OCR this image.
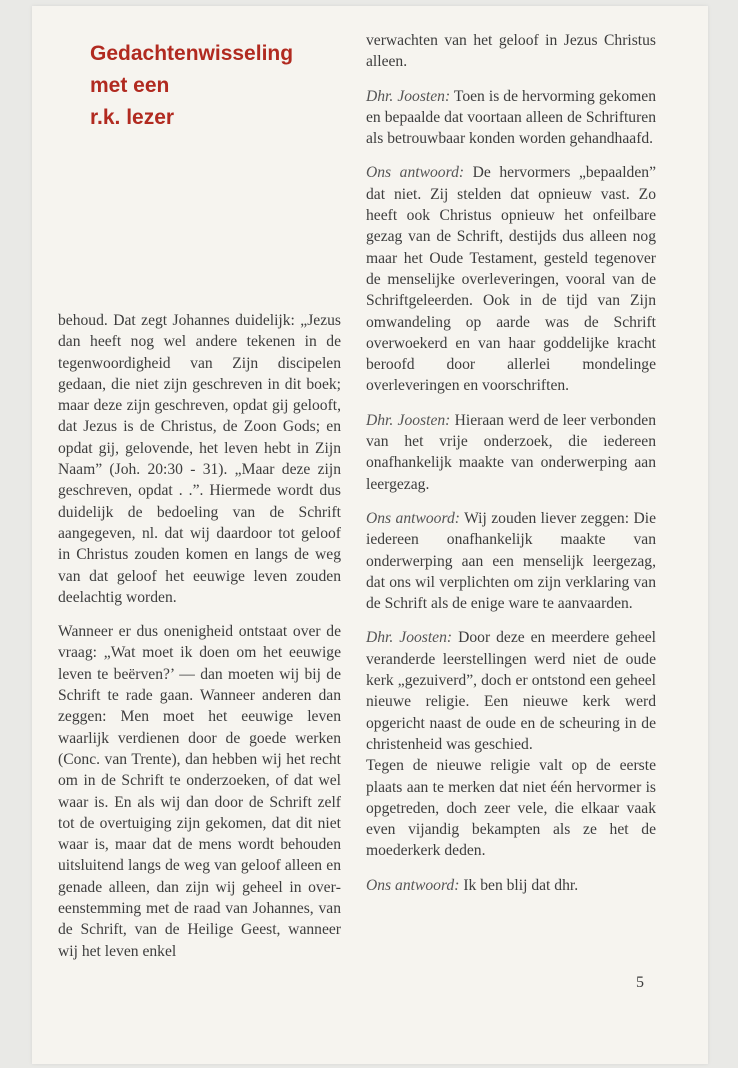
Gedachtenwisseling
met een
r.k. lezer

behoud. Dat zegt Johannes duidelijk: „Jezus dan heeft nog wel andere tekenen in de tegenwoordigheid van Zijn discipelen gedaan, die niet zijn geschreven in dit boek; maar deze zijn geschreven, opdat gij gelooft, dat Jezus is de Christus, de Zoon Gods; en opdat gij, gelovende, het leven hebt in Zijn Naam” (Joh. 20:30 - 31). „Maar deze zijn geschreven, opdat . .”. Hiermede wordt dus duidelijk de bedoeling van de Schrift aangegeven, nl. dat wij daardoor tot geloof in Christus zouden komen en langs de weg van dat geloof het eeuwige leven zouden deelachtig worden.

Wanneer er dus onenigheid ontstaat over de vraag: „Wat moet ik doen om het eeuwige leven te beërven?’ — dan moeten wij bij de Schrift te rade gaan. Wanneer anderen dan zeggen: Men moet het eeuwige leven waarlijk verdienen door de goede werken (Conc. van Trente), dan hebben wij het recht om in de Schrift te onderzoeken, of dat wel waar is. En als wij dan door de Schrift zelf tot de overtuiging zijn gekomen, dat dit niet waar is, maar dat de mens wordt behouden uitsluitend langs de weg van geloof alleen en genade alleen, dan zijn wij geheel in overeenstemming met de raad van Johannes, van de Schrift, van de Heilige Geest, wanneer wij het leven enkel

verwachten van het geloof in Jezus Christus alleen.

Dhr. Joosten: Toen is de hervorming gekomen en bepaalde dat voortaan alleen de Schrifturen als betrouwbaar konden worden gehandhaafd.

Ons antwoord: De hervormers „bepaalden” dat niet. Zij stelden dat opnieuw vast. Zo heeft ook Christus opnieuw het onfeilbare gezag van de Schrift, destijds dus alleen nog maar het Oude Testament, gesteld tegenover de menselijke overleveringen, vooral van de Schriftgeleerden. Ook in de tijd van Zijn omwandeling op aarde was de Schrift overwoekerd en van haar goddelijke kracht beroofd door allerlei mondelinge overleveringen en voorschriften.

Dhr. Joosten: Hieraan werd de leer verbonden van het vrije onderzoek, die iedereen onafhankelijk maakte van onderwerping aan leergezag.

Ons antwoord: Wij zouden liever zeggen: Die iedereen onafhankelijk maakte van onderwerping aan een menselijk leergezag, dat ons wil verplichten om zijn verklaring van de Schrift als de enige ware te aanvaarden.

Dhr. Joosten: Door deze en meerdere geheel veranderde leerstellingen werd niet de oude kerk „gezuiverd”, doch er ontstond een geheel nieuwe religie. Een nieuwe kerk werd opgericht naast de oude en de scheuring in de christenheid was geschied.

Tegen de nieuwe religie valt op de eerste plaats aan te merken dat niet één hervormer is opgetreden, doch zeer vele, die elkaar vaak even vijandig bekampten als ze het de moederkerk deden.

Ons antwoord: Ik ben blij dat dhr.

5
